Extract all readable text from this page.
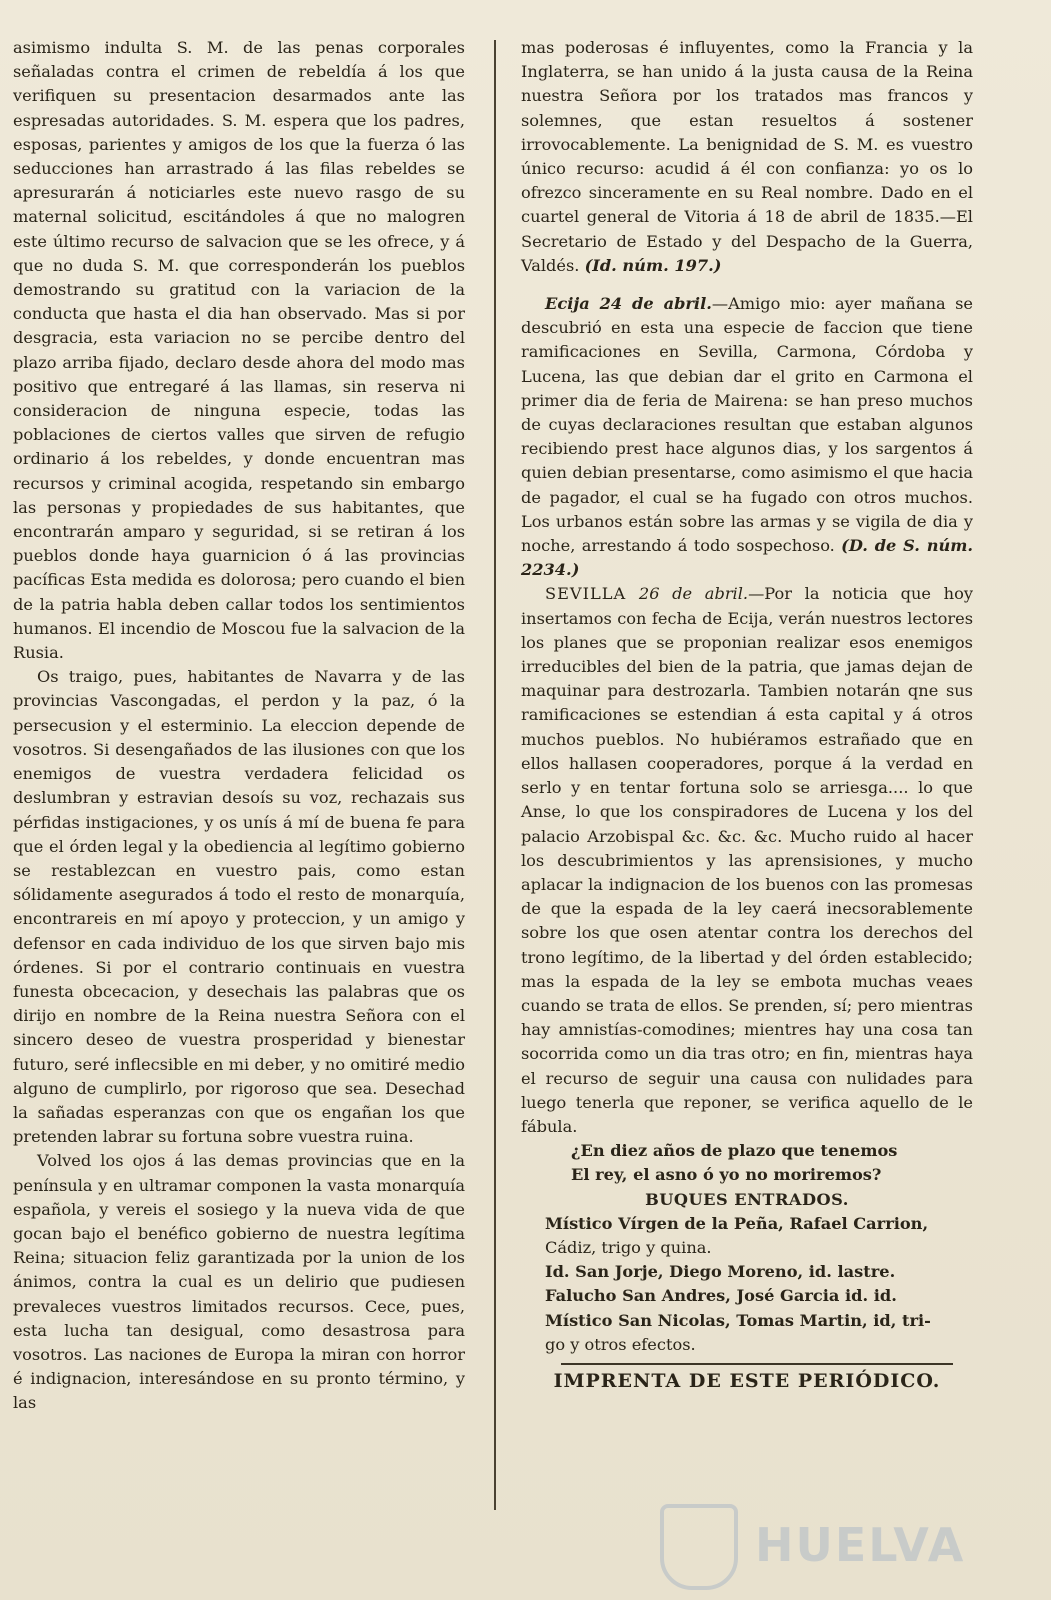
asimismo indulta S. M. de las penas corporales señaladas contra el crimen de rebeldía á los que verifiquen su presentacion desarmados ante las espresadas autoridades. S. M. espera que los padres, esposas, parientes y amigos de los que la fuerza ó las seducciones han arrastrado á las filas rebeldes se apresurarán á noticiarles este nuevo rasgo de su maternal solicitud, escitándoles á que no malogren este último recurso de salvacion que se les ofrece, y á que no duda S. M. que corresponderán los pueblos demostrando su gratitud con la variacion de la conducta que hasta el dia han observado. Mas si por desgracia, esta variacion no se percibe dentro del plazo arriba fijado, declaro desde ahora del modo mas positivo que entregaré á las llamas, sin reserva ni consideracion de ninguna especie, todas las poblaciones de ciertos valles que sirven de refugio ordinario á los rebeldes, y donde encuentran mas recursos y criminal acogida, respetando sin embargo las personas y propiedades de sus habitantes, que encontrarán amparo y seguridad, si se retiran á los pueblos donde haya guarnicion ó á las provincias pacíficas Esta medida es dolorosa; pero cuando el bien de la patria habla deben callar todos los sentimientos humanos. El incendio de Moscou fue la salvacion de la Rusia.

Os traigo, pues, habitantes de Navarra y de las provincias Vascongadas, el perdon y la paz, ó la persecusion y el esterminio. La eleccion depende de vosotros. Si desengañados de las ilusiones con que los enemigos de vuestra verdadera felicidad os deslumbran y estravian desoís su voz, rechazais sus pérfidas instigaciones, y os unís á mí de buena fe para que el órden legal y la obediencia al legítimo gobierno se restablezcan en vuestro pais, como estan sólidamente asegurados á todo el resto de monarquía, encontrareis en mí apoyo y proteccion, y un amigo y defensor en cada individuo de los que sirven bajo mis órdenes. Si por el contrario continuais en vuestra funesta obcecacion, y desechais las palabras que os dirijo en nombre de la Reina nuestra Señora con el sincero deseo de vuestra prosperidad y bienestar futuro, seré inflecsible en mi deber, y no omitiré medio alguno de cumplirlo, por rigoroso que sea. Desechad la sañadas esperanzas con que os engañan los que pretenden labrar su fortuna sobre vuestra ruina.

Volved los ojos á las demas provincias que en la península y en ultramar componen la vasta monarquía española, y vereis el sosiego y la nueva vida de que gocan bajo el benéfico gobierno de nuestra legítima Reina; situacion feliz garantizada por la union de los ánimos, contra la cual es un delirio que pudiesen prevaleces vuestros limitados recursos. Cece, pues, esta lucha tan desigual, como desastrosa para vosotros. Las naciones de Europa la miran con horror é indignacion, interesándose en su pronto término, y las

mas poderosas é influyentes, como la Francia y la Inglaterra, se han unido á la justa causa de la Reina nuestra Señora por los tratados mas francos y solemnes, que estan resueltos á sostener irrovocablemente. La benignidad de S. M. es vuestro único recurso: acudid á él con confianza: yo os lo ofrezco sinceramente en su Real nombre. Dado en el cuartel general de Vitoria á 18 de abril de 1835.—El Secretario de Estado y del Despacho de la Guerra, Valdés. (Id. núm. 197.)

Ecija 24 de abril.—Amigo mio: ayer mañana se descubrió en esta una especie de faccion que tiene ramificaciones en Sevilla, Carmona, Córdoba y Lucena, las que debian dar el grito en Carmona el primer dia de feria de Mairena: se han preso muchos de cuyas declaraciones resultan que estaban algunos recibiendo prest hace algunos dias, y los sargentos á quien debian presentarse, como asimismo el que hacia de pagador, el cual se ha fugado con otros muchos. Los urbanos están sobre las armas y se vigila de dia y noche, arrestando á todo sospechoso. (D. de S. núm. 2234.)

SEVILLA 26 de abril.—Por la noticia que hoy insertamos con fecha de Ecija, verán nuestros lectores los planes que se proponian realizar esos enemigos irreducibles del bien de la patria, que jamas dejan de maquinar para destrozarla. Tambien notarán qne sus ramificaciones se estendian á esta capital y á otros muchos pueblos. No hubiéramos estrañado que en ellos hallasen cooperadores, porque á la verdad en serlo y en tentar fortuna solo se arriesga.... lo que Anse, lo que los conspiradores de Lucena y los del palacio Arzobispal &c. &c. &c. Mucho ruido al hacer los descubrimientos y las aprensisiones, y mucho aplacar la indignacion de los buenos con las promesas de que la espada de la ley caerá inecsorablemente sobre los que osen atentar contra los derechos del trono legítimo, de la libertad y del órden establecido; mas la espada de la ley se embota muchas veaes cuando se trata de ellos. Se prenden, sí; pero mientras hay amnistías-comodines; mientres hay una cosa tan socorrida como un dia tras otro; en fin, mientras haya el recurso de seguir una causa con nulidades para luego tenerla que reponer, se verifica aquello de le fábula.

¿En diez años de plazo que tenemos

El rey, el asno ó yo no moriremos?

BUQUES ENTRADOS.

Místico Vírgen de la Peña, Rafael Carrion,
Cádiz, trigo y quina.
Id. San Jorje, Diego Moreno, id. lastre.
Falucho San Andres, José Garcia id. id.
Místico San Nicolas, Tomas Martin, id, tri-
go y otros efectos.

IMPRENTA DE ESTE PERIÓDICO.

HUELVA
